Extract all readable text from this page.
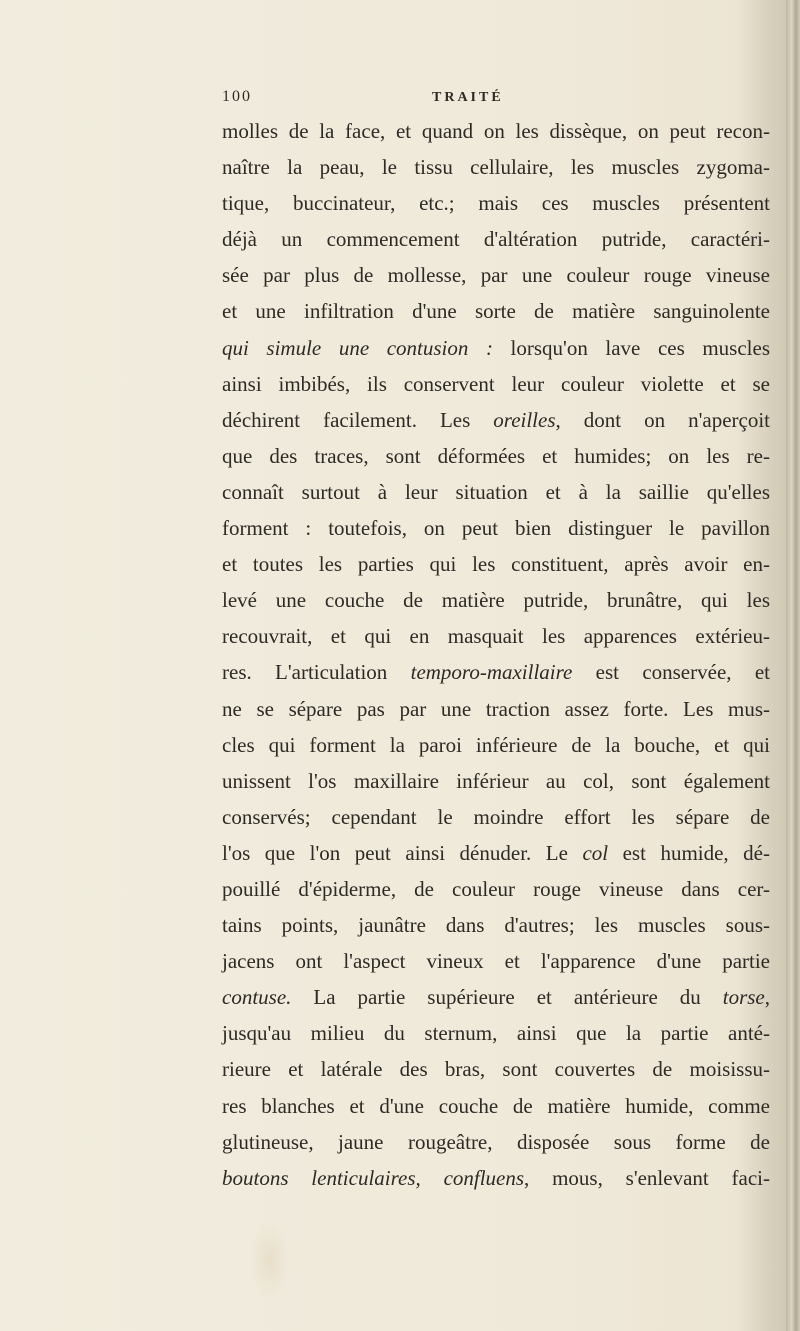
100	TRAITÉ
molles de la face, et quand on les dissèque, on peut recon-
naître la peau, le tissu cellulaire, les muscles zygoma-
tique, buccinateur, etc.; mais ces muscles présentent
déjà un commencement d'altération putride, caractéri-
sée par plus de mollesse, par une couleur rouge vineuse
et une infiltration d'une sorte de matière sanguinolente
qui simule une contusion : lorsqu'on lave ces muscles
ainsi imbibés, ils conservent leur couleur violette et se
déchirent facilement. Les oreilles, dont on n'aperçoit
que des traces, sont déformées et humides; on les re-
connaît surtout à leur situation et à la saillie qu'elles
forment : toutefois, on peut bien distinguer le pavillon
et toutes les parties qui les constituent, après avoir en-
levé une couche de matière putride, brunâtre, qui les
recouvrait, et qui en masquait les apparences extérieu-
res. L'articulation temporo-maxillaire est conservée, et
ne se sépare pas par une traction assez forte. Les mus-
cles qui forment la paroi inférieure de la bouche, et qui
unissent l'os maxillaire inférieur au col, sont également
conservés; cependant le moindre effort les sépare de
l'os que l'on peut ainsi dénuder. Le col est humide, dé-
pouillé d'épiderme, de couleur rouge vineuse dans cer-
tains points, jaunâtre dans d'autres; les muscles sous-
jacens ont l'aspect vineux et l'apparence d'une partie
contuse. La partie supérieure et antérieure du torse,
jusqu'au milieu du sternum, ainsi que la partie anté-
rieure et latérale des bras, sont couvertes de moisissu-
res blanches et d'une couche de matière humide, comme
glutineuse, jaune rougeâtre, disposée sous forme de
boutons lenticulaires, confluens, mous, s'enlevant faci-
